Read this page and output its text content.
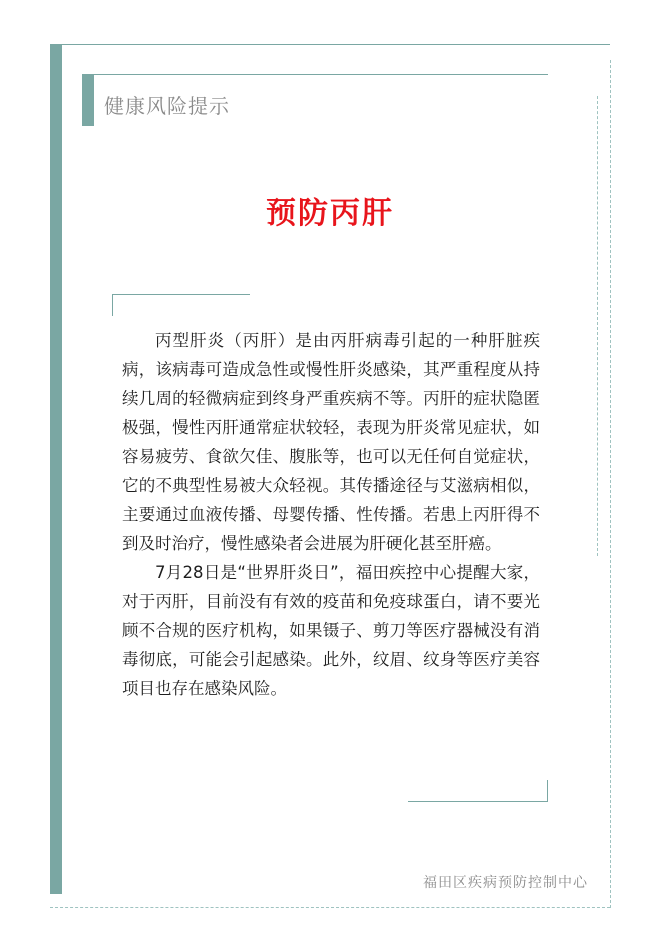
健康风险提示
预防丙肝

丙型肝炎（丙肝）是由丙肝病毒引起的一种肝脏疾病，该病毒可造成急性或慢性肝炎感染，其严重程度从持续几周的轻微病症到终身严重疾病不等。丙肝的症状隐匿极强，慢性丙肝通常症状较轻，表现为肝炎常见症状，如容易疲劳、食欲欠佳、腹胀等，也可以无任何自觉症状，它的不典型性易被大众轻视。其传播途径与艾滋病相似，主要通过血液传播、母婴传播、性传播。若患上丙肝得不到及时治疗，慢性感染者会进展为肝硬化甚至肝癌。

7月28日是“世界肝炎日”，福田疾控中心提醒大家，对于丙肝，目前没有有效的疫苗和免疫球蛋白，请不要光顾不合规的医疗机构，如果镊子、剪刀等医疗器械没有消毒彻底，可能会引起感染。此外，纹眉、纹身等医疗美容项目也存在感染风险。

福田区疾病预防控制中心
